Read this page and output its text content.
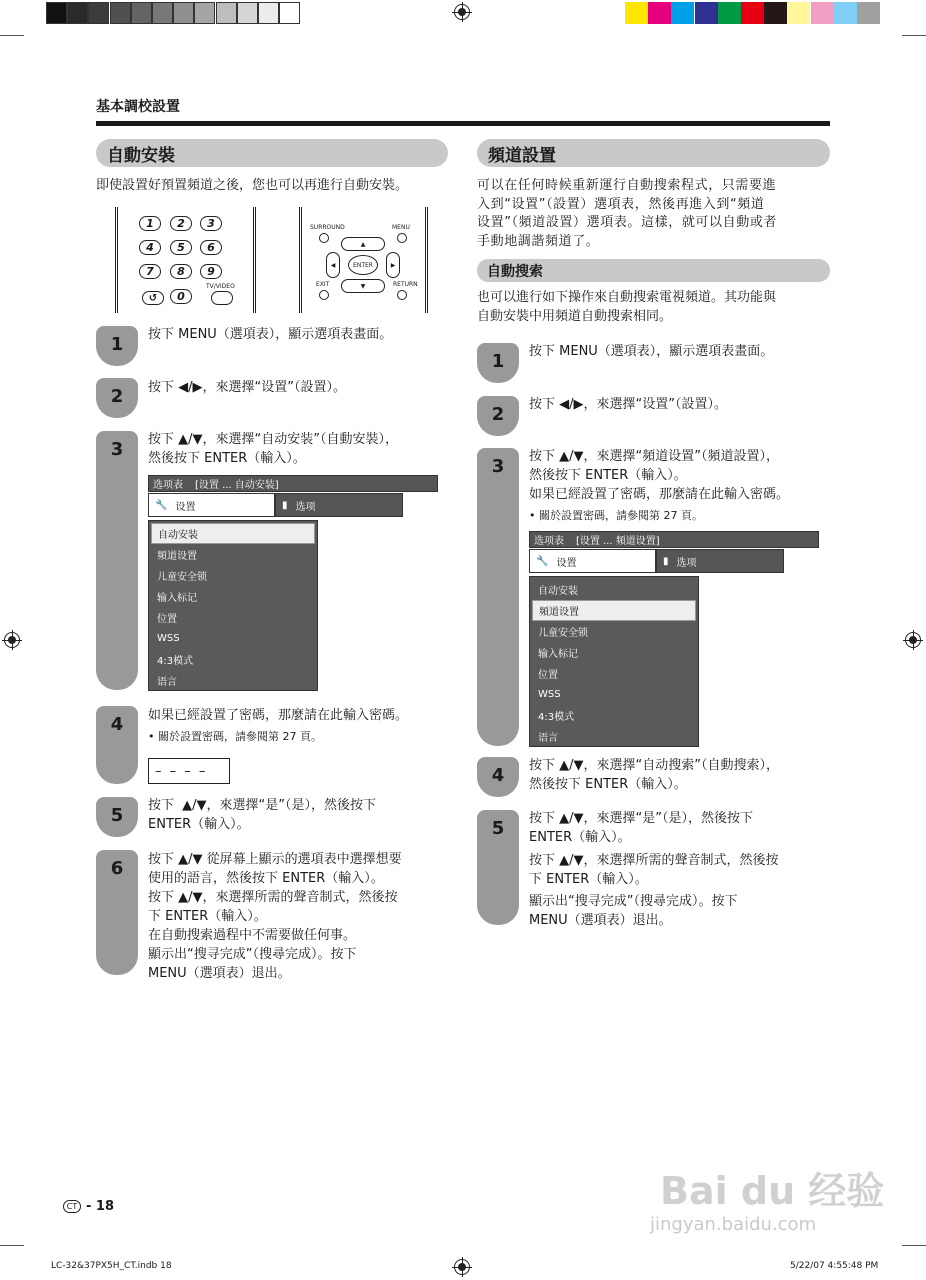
基本調校設置
自動安裝
即使設置好預置頻道之後，您也可以再進行自動安裝。
1	2	3
4	5	6
7	8	9
0
TV/VIDEO
↺
SURROUND	MENU
▲
▼
◀	▶
ENTER
EXIT	RETURN
1	按下 MENU（選項表），顯示選項表畫面。
2	按下 ◀/▶，來選擇“设置”（設置）。
3	按下 ▲/▼，來選擇“自动安装”（自動安裝），
然後按下 ENTER（輸入）。
选项表 [设置 ... 自动安装]
🔧 设置	▮ 选项
自动安装
頻道设置
儿童安全锁
输入标记
位置
WSS
4:3模式
语言
4	如果已經設置了密碼，那麼請在此輸入密碼。
• 關於設置密碼，請參閱第 27 頁。
– – – –
5	按下 ▲/▼，來選擇“是”（是），然後按下
ENTER（輸入）。
6	按下 ▲/▼ 從屏幕上顯示的選項表中選擇想要
使用的語言，然後按下 ENTER（輸入）。
按下 ▲/▼，來選擇所需的聲音制式，然後按
下 ENTER（輸入）。
在自動搜索過程中不需要做任何事。
顯示出“搜寻完成”（搜尋完成）。按下
MENU（選項表）退出。
頻道設置
可以在任何時候重新運行自動搜索程式，只需要進
入到“设置”（設置）選項表，然後再進入到“頻道
设置”（頻道設置）選項表。這樣，就可以自動或者
手動地調諧頻道了。
自動搜索
也可以進行如下操作來自動搜索電視頻道。其功能與
自動安裝中用頻道自動搜索相同。
1	按下 MENU（選項表），顯示選項表畫面。
2	按下 ◀/▶，來選擇“设置”（設置）。
3	按下 ▲/▼，來選擇“頻道设置”（頻道設置），
然後按下 ENTER（輸入）。
如果已經設置了密碼，那麼請在此輸入密碼。
• 關於設置密碼，請參閱第 27 頁。
选项表 [设置 ... 頻道设置]
🔧 设置	▮ 选项
自动安装
頻道设置
儿童安全锁
输入标记
位置
WSS
4:3模式
语言
4	按下 ▲/▼，來選擇“自动搜索”（自動搜索），
然後按下 ENTER（輸入）。
5	按下 ▲/▼，來選擇“是”（是），然後按下
ENTER（輸入）。
按下 ▲/▼，來選擇所需的聲音制式，然後按
下 ENTER（輸入）。
顯示出“搜寻完成”（搜尋完成）。按下
MENU（選項表）退出。
CT - 18
LC-32&37PX5H_CT.indb 18	5/22/07 4:55:48 PM
Bai du 经验
jingyan.baidu.com
